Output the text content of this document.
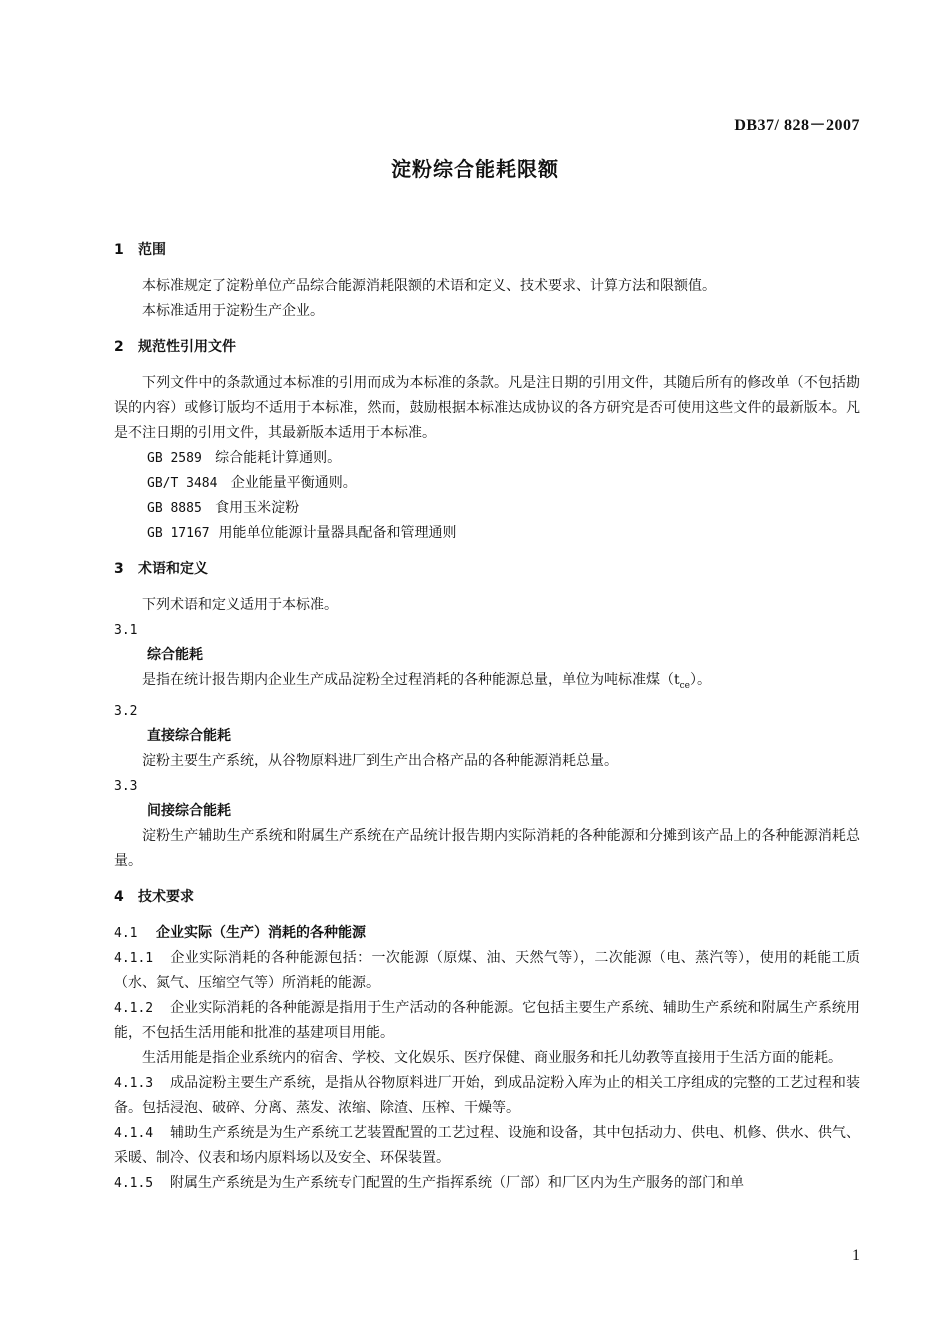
DB37/ 828－2007
淀粉综合能耗限额

1 范围

本标准规定了淀粉单位产品综合能源消耗限额的术语和定义、技术要求、计算方法和限额值。

本标准适用于淀粉生产企业。

2 规范性引用文件

下列文件中的条款通过本标准的引用而成为本标准的条款。凡是注日期的引用文件，其随后所有的修改单（不包括勘误的内容）或修订版均不适用于本标准，然而，鼓励根据本标准达成协议的各方研究是否可使用这些文件的最新版本。凡是不注日期的引用文件，其最新版本适用于本标准。

GB 2589 综合能耗计算通则。

GB/T 3484 企业能量平衡通则。

GB 8885 食用玉米淀粉

GB 17167 用能单位能源计量器具配备和管理通则

3 术语和定义

下列术语和定义适用于本标准。

3.1

综合能耗

是指在统计报告期内企业生产成品淀粉全过程消耗的各种能源总量，单位为吨标准煤$(t_{ce})$。

3.2

直接综合能耗

淀粉主要生产系统，从谷物原料进厂到生产出合格产品的各种能源消耗总量。

3.3

间接综合能耗

淀粉生产辅助生产系统和附属生产系统在产品统计报告期内实际消耗的各种能源和分摊到该产品上的各种能源消耗总量。

4 技术要求

4.1 企业实际（生产）消耗的各种能源

4.1.1 企业实际消耗的各种能源包括：一次能源（原煤、油、天然气等），二次能源（电、蒸汽等），使用的耗能工质（水、氮气、压缩空气等）所消耗的能源。

4.1.2 企业实际消耗的各种能源是指用于生产活动的各种能源。它包括主要生产系统、辅助生产系统和附属生产系统用能，不包括生活用能和批准的基建项目用能。

生活用能是指企业系统内的宿舍、学校、文化娱乐、医疗保健、商业服务和托儿幼教等直接用于生活方面的能耗。

4.1.3 成品淀粉主要生产系统，是指从谷物原料进厂开始，到成品淀粉入库为止的相关工序组成的完整的工艺过程和装备。包括浸泡、破碎、分离、蒸发、浓缩、除渣、压榨、干燥等。

4.1.4 辅助生产系统是为生产系统工艺装置配置的工艺过程、设施和设备，其中包括动力、供电、机修、供水、供气、采暖、制冷、仪表和场内原料场以及安全、环保装置。

4.1.5 附属生产系统是为生产系统专门配置的生产指挥系统（厂部）和厂区内为生产服务的部门和单

1
